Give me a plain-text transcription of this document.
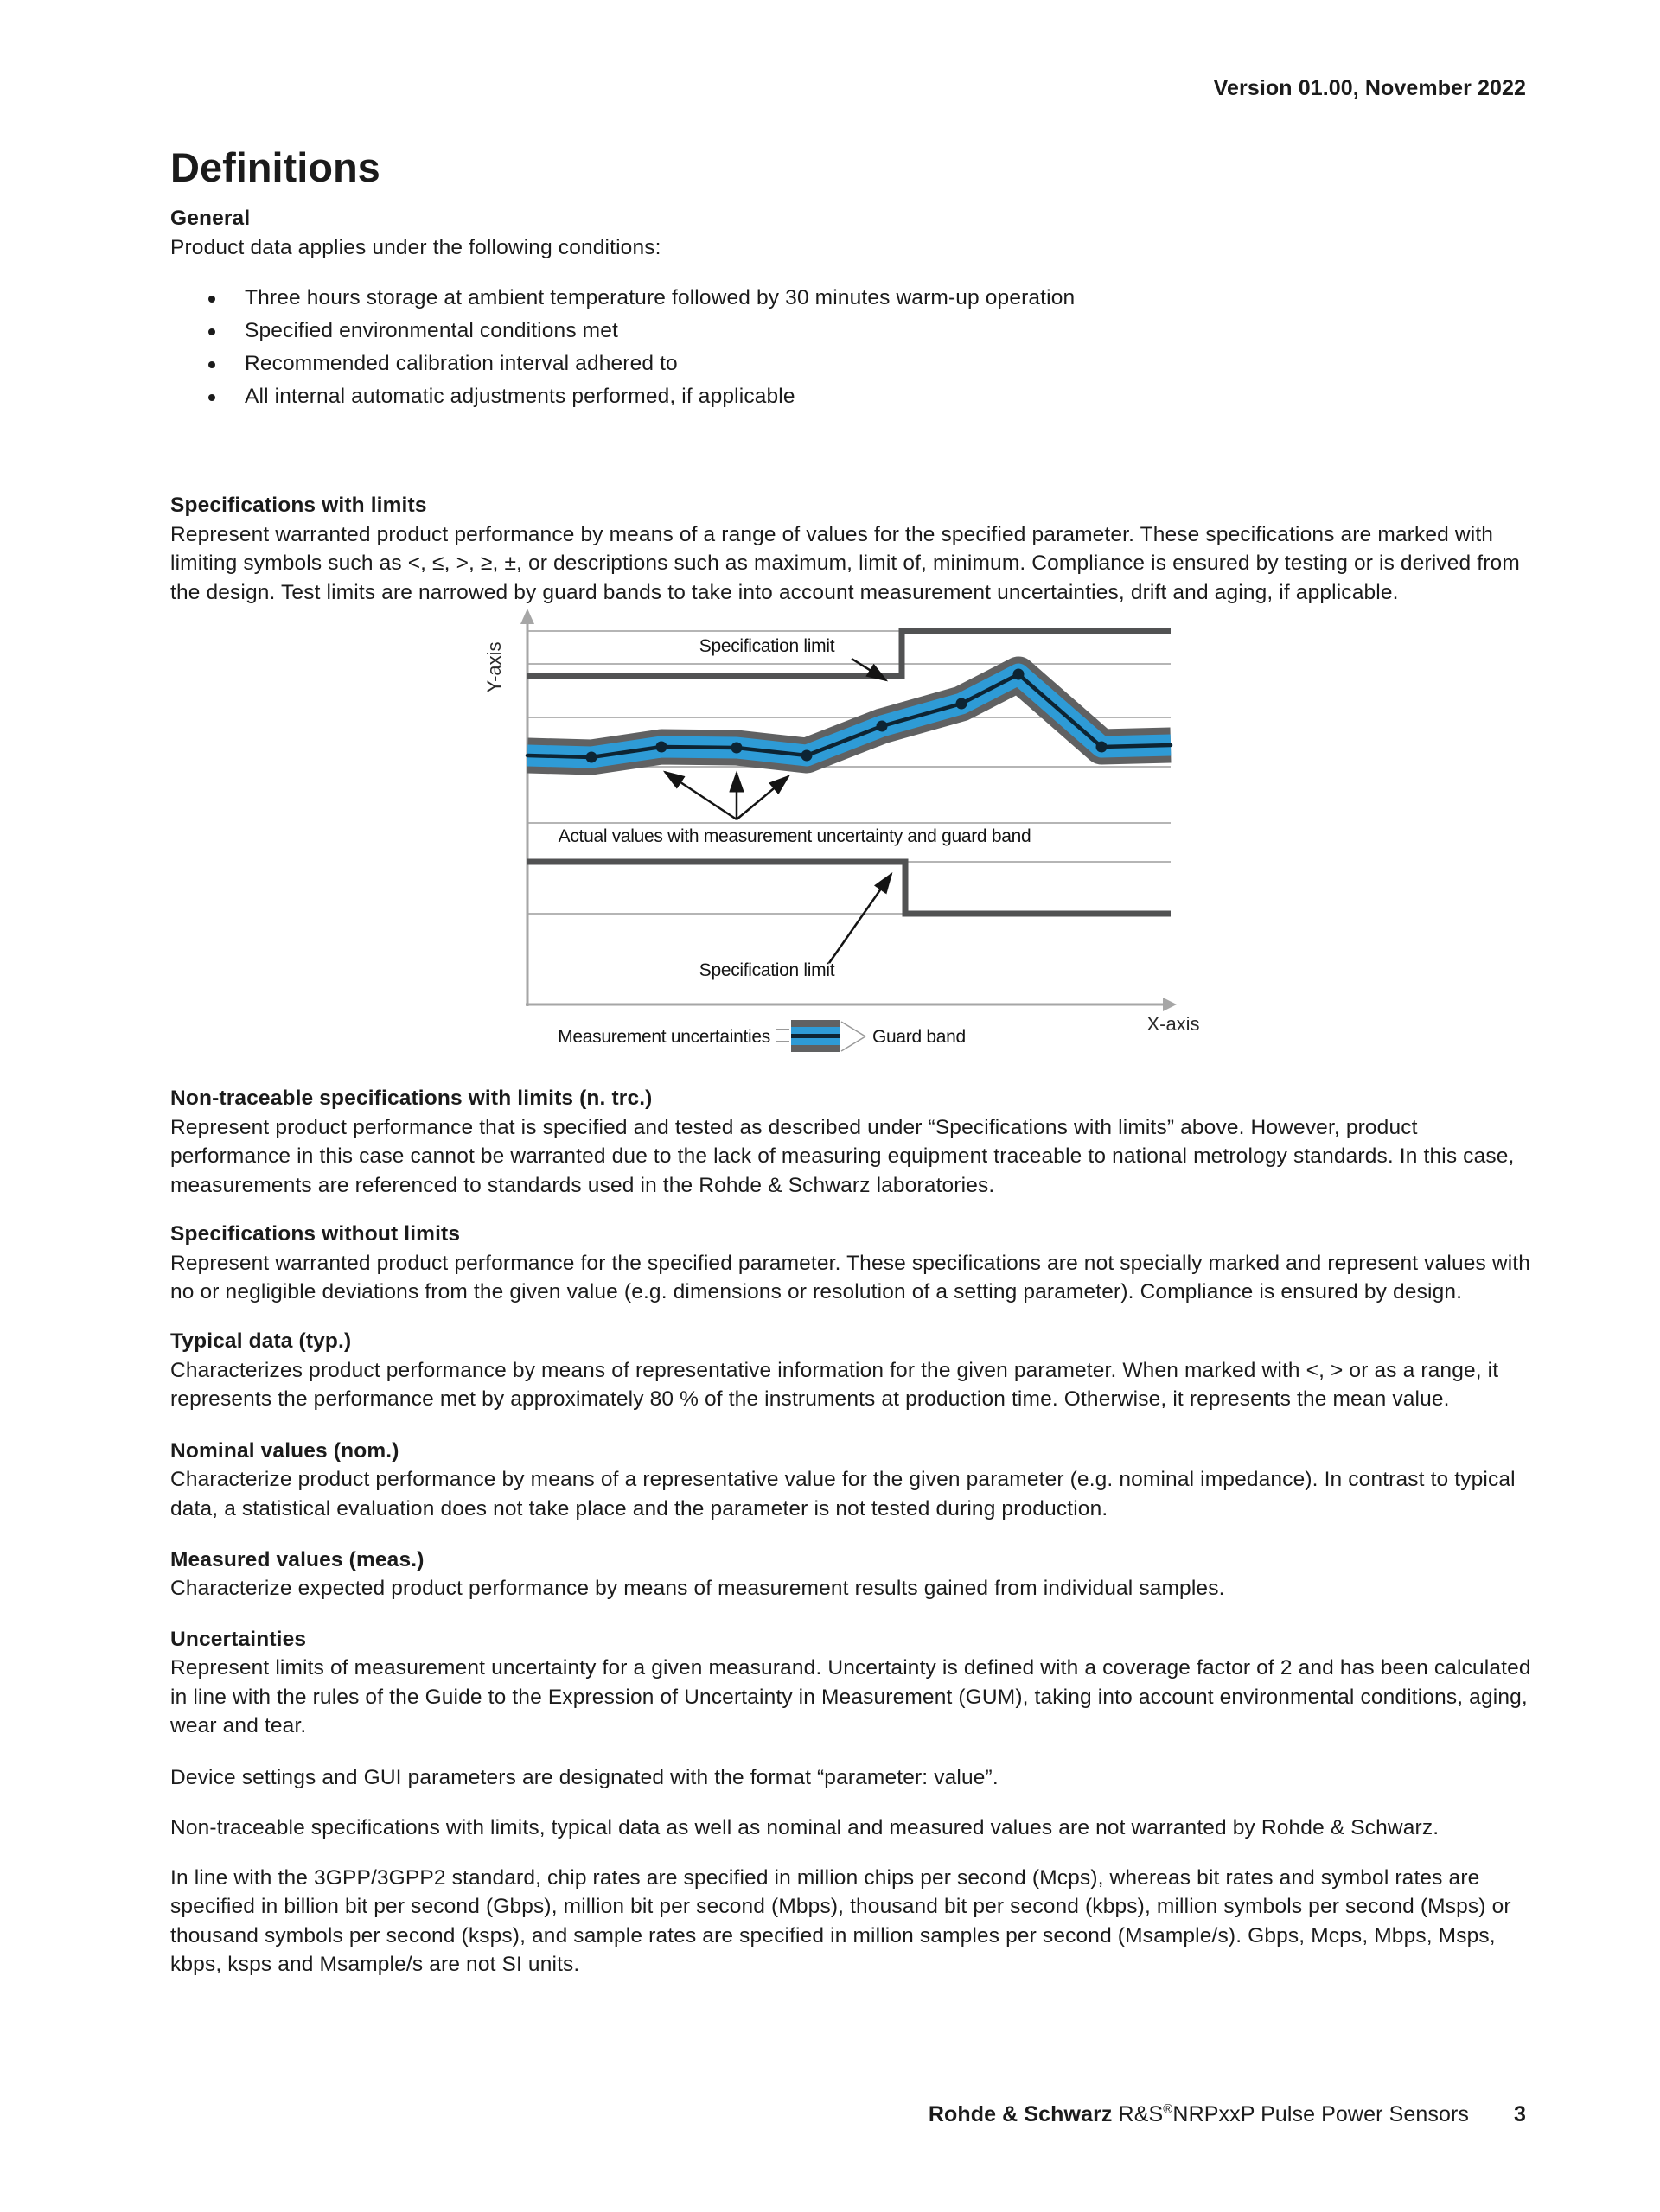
Version 01.00, November 2022
Definitions
General

Product data applies under the following conditions:

Three hours storage at ambient temperature followed by 30 minutes warm-up operation
Specified environmental conditions met
Recommended calibration interval adhered to
All internal automatic adjustments performed, if applicable
Specifications with limits

Represent warranted product performance by means of a range of values for the specified parameter. These specifications are marked with limiting symbols such as <, ≤, >, ≥, ±, or descriptions such as maximum, limit of, minimum. Compliance is ensured by testing or is derived from the design. Test limits are narrowed by guard bands to take into account measurement uncertainties, drift and aging, if applicable.

Specification limit
Actual values with measurement uncertainty and guard band
Specification limit
Y-axis
X-axis
Measurement uncertainties	Guard band
Non-traceable specifications with limits (n. trc.)

Represent product performance that is specified and tested as described under “Specifications with limits” above. However, product performance in this case cannot be warranted due to the lack of measuring equipment traceable to national metrology standards. In this case, measurements are referenced to standards used in the Rohde & Schwarz laboratories.

Specifications without limits

Represent warranted product performance for the specified parameter. These specifications are not specially marked and represent values with no or negligible deviations from the given value (e.g. dimensions or resolution of a setting parameter). Compliance is ensured by design.

Typical data (typ.)

Characterizes product performance by means of representative information for the given parameter. When marked with <, > or as a range, it represents the performance met by approximately 80 % of the instruments at production time. Otherwise, it represents the mean value.

Nominal values (nom.)

Characterize product performance by means of a representative value for the given parameter (e.g. nominal impedance). In contrast to typical data, a statistical evaluation does not take place and the parameter is not tested during production.

Measured values (meas.)

Characterize expected product performance by means of measurement results gained from individual samples.

Uncertainties

Represent limits of measurement uncertainty for a given measurand. Uncertainty is defined with a coverage factor of 2 and has been calculated in line with the rules of the Guide to the Expression of Uncertainty in Measurement (GUM), taking into account environmental conditions, aging, wear and tear.

Device settings and GUI parameters are designated with the format “parameter: value”.

Non-traceable specifications with limits, typical data as well as nominal and measured values are not warranted by Rohde & Schwarz.

In line with the 3GPP/3GPP2 standard, chip rates are specified in million chips per second (Mcps), whereas bit rates and symbol rates are specified in billion bit per second (Gbps), million bit per second (Mbps), thousand bit per second (kbps), million symbols per second (Msps) or thousand symbols per second (ksps), and sample rates are specified in million samples per second (Msample/s). Gbps, Mcps, Mbps, Msps, kbps, ksps and Msample/s are not SI units.

Rohde & Schwarz R&S®NRPxxP Pulse Power Sensors 3
